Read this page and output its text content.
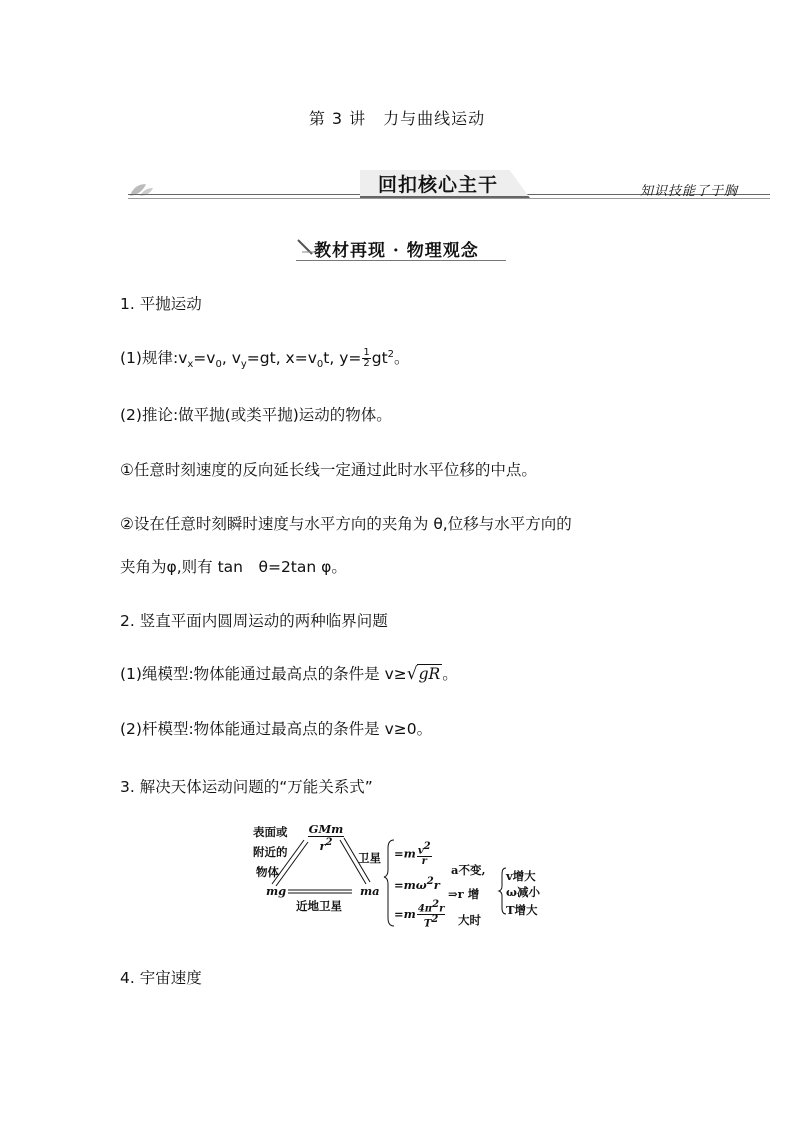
第 3 讲　力与曲线运动
回扣核心主干	知识技能了于胸
教材再现 · 物理观念
1. 平抛运动
(1)规律$:v_x=v_0$, $v_y=gt$, $x=v_0t$, $y= \frac{1}{2} gt^2$。
(2)推论:做平抛(或类平抛)运动的物体。
①任意时刻速度的反向延长线一定通过此时水平位移的中点。
②设在任意时刻瞬时速度与水平方向的夹角为 θ,位移与水平方向的
夹角为φ,则有 tan　θ=2tan φ。
2. 竖直平面内圆周运动的两种临界问题
(1)绳模型:物体能通过最高点的条件是 v≥√gR 。
(2)杆模型:物体能通过最高点的条件是 v≥0。
3. 解决天体运动问题的“万能关系式”
表面或
附近的
物体
GMm
$r^2$
卫星
mg	ma
近地卫星
$=m \frac{v^2}{r}$
$=m\omega^2r$
$=m \frac{4\pi^2r}{T^2}$
a不变,
⇒r 增
大时
v增大
ω减小
T增大
4. 宇宙速度
